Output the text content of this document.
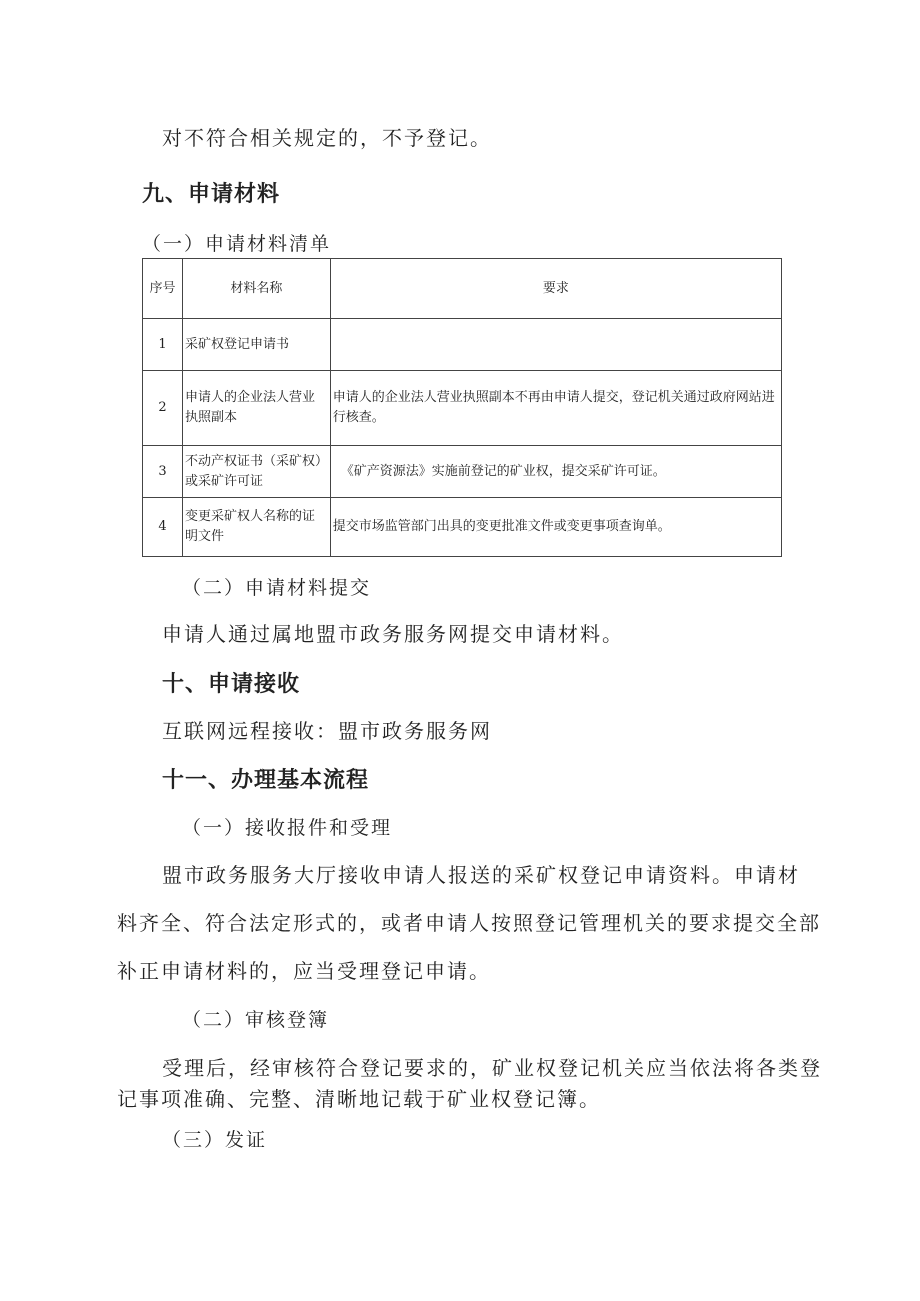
对不符合相关规定的，不予登记。
九、申请材料
（一）申请材料清单
序号	材料名称	要求
1	采矿权登记申请书	
2	申请人的企业法人营业执照副本	申请人的企业法人营业执照副本不再由申请人提交，登记机关通过政府网站进行核查。
3	不动产权证书（采矿权）或采矿许可证	《矿产资源法》实施前登记的矿业权，提交采矿许可证。
4	变更采矿权人名称的证明文件	提交市场监管部门出具的变更批准文件或变更事项查询单。
（二）申请材料提交
申请人通过属地盟市政务服务网提交申请材料。
十、申请接收
互联网远程接收：盟市政务服务网
十一、办理基本流程
（一）接收报件和受理
盟市政务服务大厅接收申请人报送的采矿权登记申请资料。申请材
料齐全、符合法定形式的，或者申请人按照登记管理机关的要求提交全部
补正申请材料的，应当受理登记申请。
（二）审核登簿
受理后，经审核符合登记要求的，矿业权登记机关应当依法将各类登
记事项准确、完整、清晰地记载于矿业权登记簿。
（三）发证
